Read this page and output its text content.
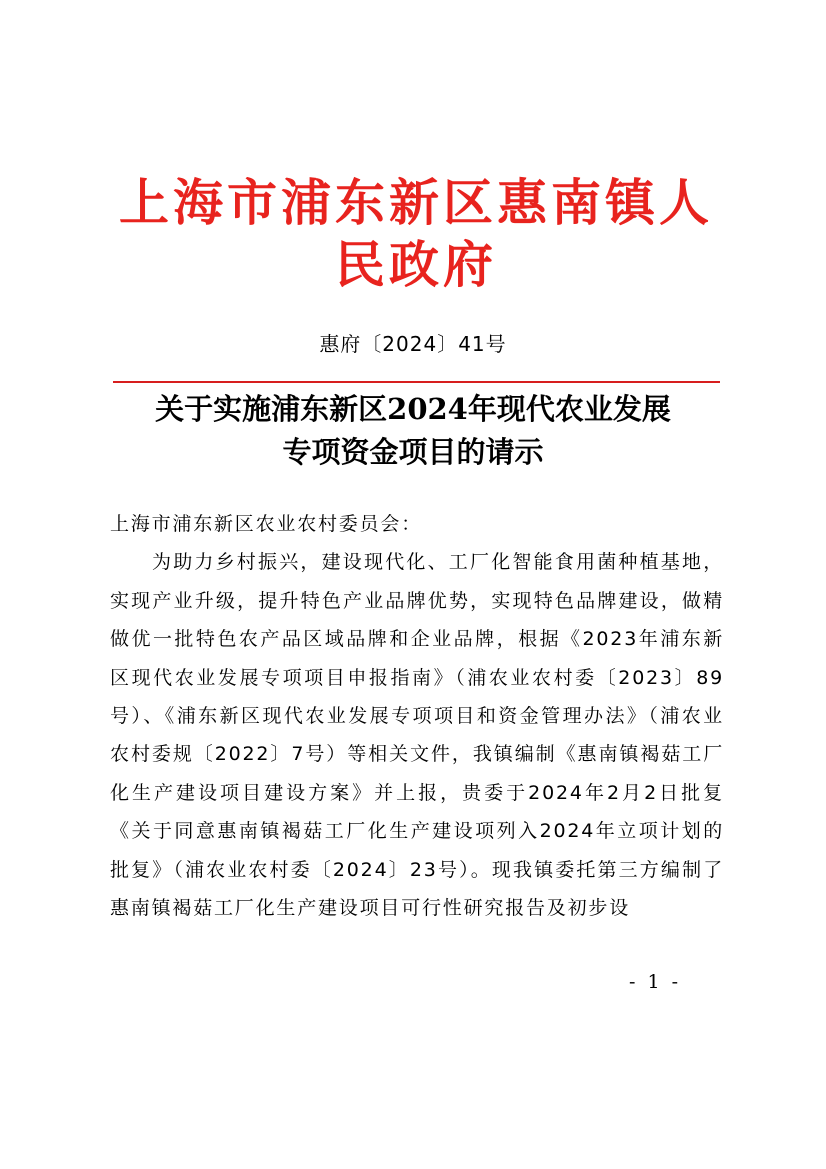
上海市浦东新区惠南镇人民政府
惠府〔2024〕41号
关于实施浦东新区2024年现代农业发展
专项资金项目的请示

上海市浦东新区农业农村委员会：

为助力乡村振兴，建设现代化、工厂化智能食用菌种植基地，实现产业升级，提升特色产业品牌优势，实现特色品牌建设，做精做优一批特色农产品区域品牌和企业品牌，根据《2023年浦东新区现代农业发展专项项目申报指南》（浦农业农村委〔2023〕89号）、《浦东新区现代农业发展专项项目和资金管理办法》（浦农业农村委规〔2022〕7号）等相关文件，我镇编制《惠南镇褐菇工厂化生产建设项目建设方案》并上报，贵委于2024年2月2日批复《关于同意惠南镇褐菇工厂化生产建设项列入2024年立项计划的批复》（浦农业农村委〔2024〕23号）。现我镇委托第三方编制了惠南镇褐菇工厂化生产建设项目可行性研究报告及初步设

- 1 -
